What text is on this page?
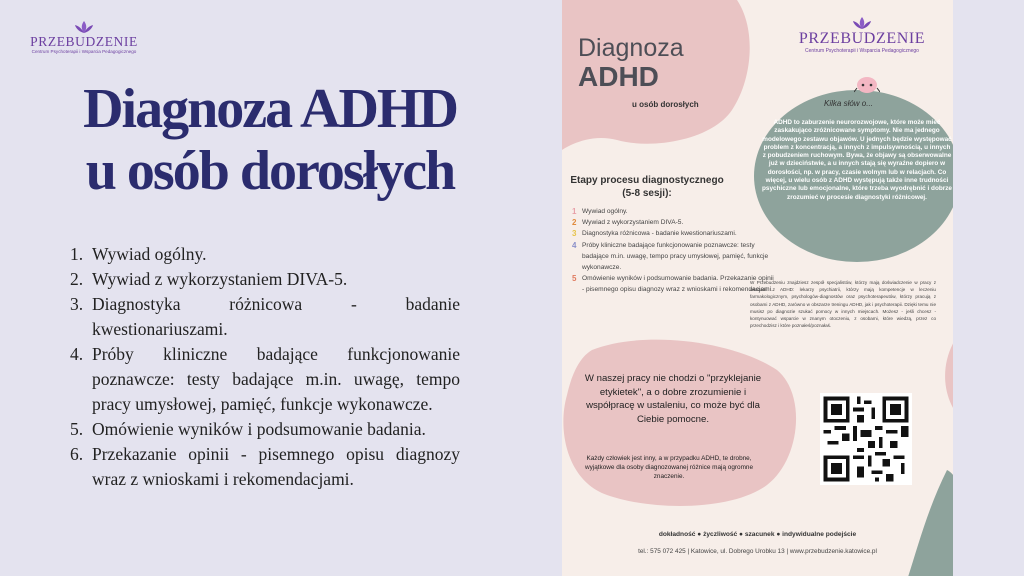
PRZEBUDZENIE
Centrum Psychoterapii i Wsparcia Pedagogicznego
Diagnoza ADHD
u osób dorosłych
1. Wywiad ogólny.
2. Wywiad z wykorzystaniem DIVA-5.
3. Diagnostyka różnicowa - badanie kwestionariuszami.
4. Próby kliniczne badające funkcjonowanie poznawcze: testy badające m.in. uwagę, tempo pracy umysłowej, pamięć, funkcje wykonawcze.
5. Omówienie wyników i podsumowanie badania.
6. Przekazanie opinii - pisemnego opisu diagnozy wraz z wnioskami i rekomendacjami.
PRZEBUDZENIE
Centrum Psychoterapii i Wsparcia Pedagogicznego
Diagnoza
ADHD
u osób dorosłych	Kilka słów o...
ADHD to zaburzenie neurorozwojowe, które może mieć zaskakująco zróżnicowane symptomy. Nie ma jednego modelowego zestawu objawów. U jednych będzie występować problem z koncentracją, a innych z impulsywnością, u innych z pobudzeniem ruchowym. Bywa, że objawy są obserwowalne już w dzieciństwie, a u innych stają się wyraźne dopiero w dorosłości, np. w pracy, czasie wolnym lub w relacjach. Co więcej, u wielu osób z ADHD występują także inne trudności psychiczne lub emocjonalne, które trzeba wyodrębnić i dobrze zrozumieć w procesie diagnostyki różnicowej.
Etapy procesu diagnostycznego
(5-8 sesji):
1 Wywiad ogólny.
2 Wywiad z wykorzystaniem DIVA-5.
3 Diagnostyka różnicowa - badanie kwestionariuszami.
4 Próby kliniczne badające funkcjonowanie poznawcze: testy badające m.in. uwagę, tempo pracy umysłowej, pamięć, funkcje wykonawcze.
5 Omówienie wyników i podsumowanie badania. Przekazanie opinii - pisemnego opisu diagnozy wraz z wnioskami i rekomendacjami.
W Przebudzeniu znajdziesz zespół specjalistów, którzy mają doświadczenie w pracy z osobami z ADHD: lekarzy psychiatrii, którzy mają kompetencje w leczeniu farmakologicznym, psychologów-diagnostów oraz psychoterapeutów, którzy pracują z osobami z ADHD, zarówno w obszarze treningu ADHD, jak i psychoterapii. Dzięki temu nie musisz po diagnozie szukać pomocy w innych miejscach. Możesz - jeśli chcesz - kontynuować wsparcie w znanym otoczeniu, z osobami, które wiedzą, przez co przechodzisz i które poznałeś/poznałaś.
W naszej pracy nie chodzi o "przyklejanie etykietek", a o dobre zrozumienie i współpracę w ustaleniu, co może być dla Ciebie pomocne.
Każdy człowiek jest inny, a w przypadku ADHD, te drobne, wyjątkowe dla osoby diagnozowanej różnice mają ogromne znaczenie.
dokładność ● życzliwość ● szacunek ● indywidualne podejście
tel.: 575 072 425 | Katowice, ul. Dobrego Urobku 13 | www.przebudzenie.katowice.pl
